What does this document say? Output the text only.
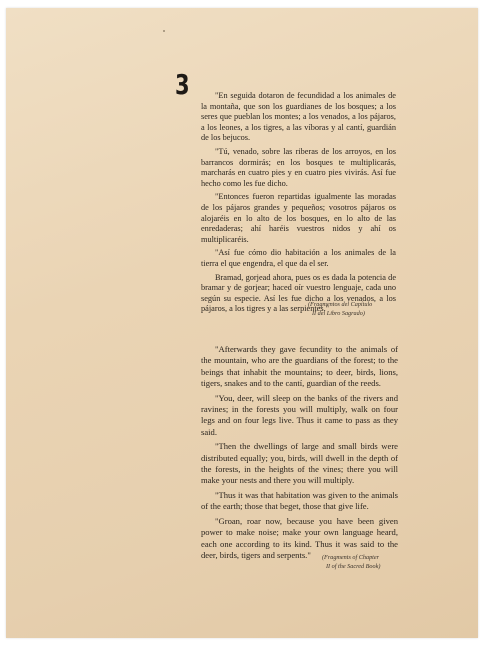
3	"En seguida dotaron de fecundidad a los animales de la montaña, que son los guardianes de los bosques; a los seres que pueblan los montes; a los venados, a los pájaros, a los leones, a los tigres, a las víboras y al cantí, guardián de los bejucos.

"Tú, venado, sobre las riberas de los arroyos, en los barrancos dormirás; en los bosques te multiplicarás, marcharás en cuatro pies y en cuatro pies vivirás. Así fue hecho como les fue dicho.

"Entonces fueron repartidas igualmente las moradas de los pájaros grandes y pequeños; vosotros pájaros os alojaréis en lo alto de los bosques, en lo alto de las enredaderas; ahí haréis vuestros nidos y ahí os multiplicaréis.

"Así fue cómo dio habitación a los animales de la tierra el que engendra, el que da el ser.

Bramad, gorjead ahora, pues os es dada la potencia de bramar y de gorjear; haced oír vuestro lenguaje, cada uno según su especie. Así les fue dicho a los venados, a los pájaros, a los tigres y a las serpientes."

(Fragmentos del Capítulo
II del Libro Sagrado)

"Afterwards they gave fecundity to the animals of the mountain, who are the guardians of the forest; to the beings that inhabit the mountains; to deer, birds, lions, tigers, snakes and to the cantí, guardian of the reeds.

"You, deer, will sleep on the banks of the rivers and ravines; in the forests you will multiply, walk on four legs and on four legs live. Thus it came to pass as they said.

"Then the dwellings of large and small birds were distributed equally; you, birds, will dwell in the depth of the forests, in the heights of the vines; there you will make your nests and there you will multiply.

"Thus it was that habitation was given to the animals of the earth; those that beget, those that give life.

"Groan, roar now, because you have been given power to make noise; make your own language heard, each one according to its kind. Thus it was said to the deer, birds, tigers and serpents."	(Fragments of Chapter
II of the Sacred Book)
